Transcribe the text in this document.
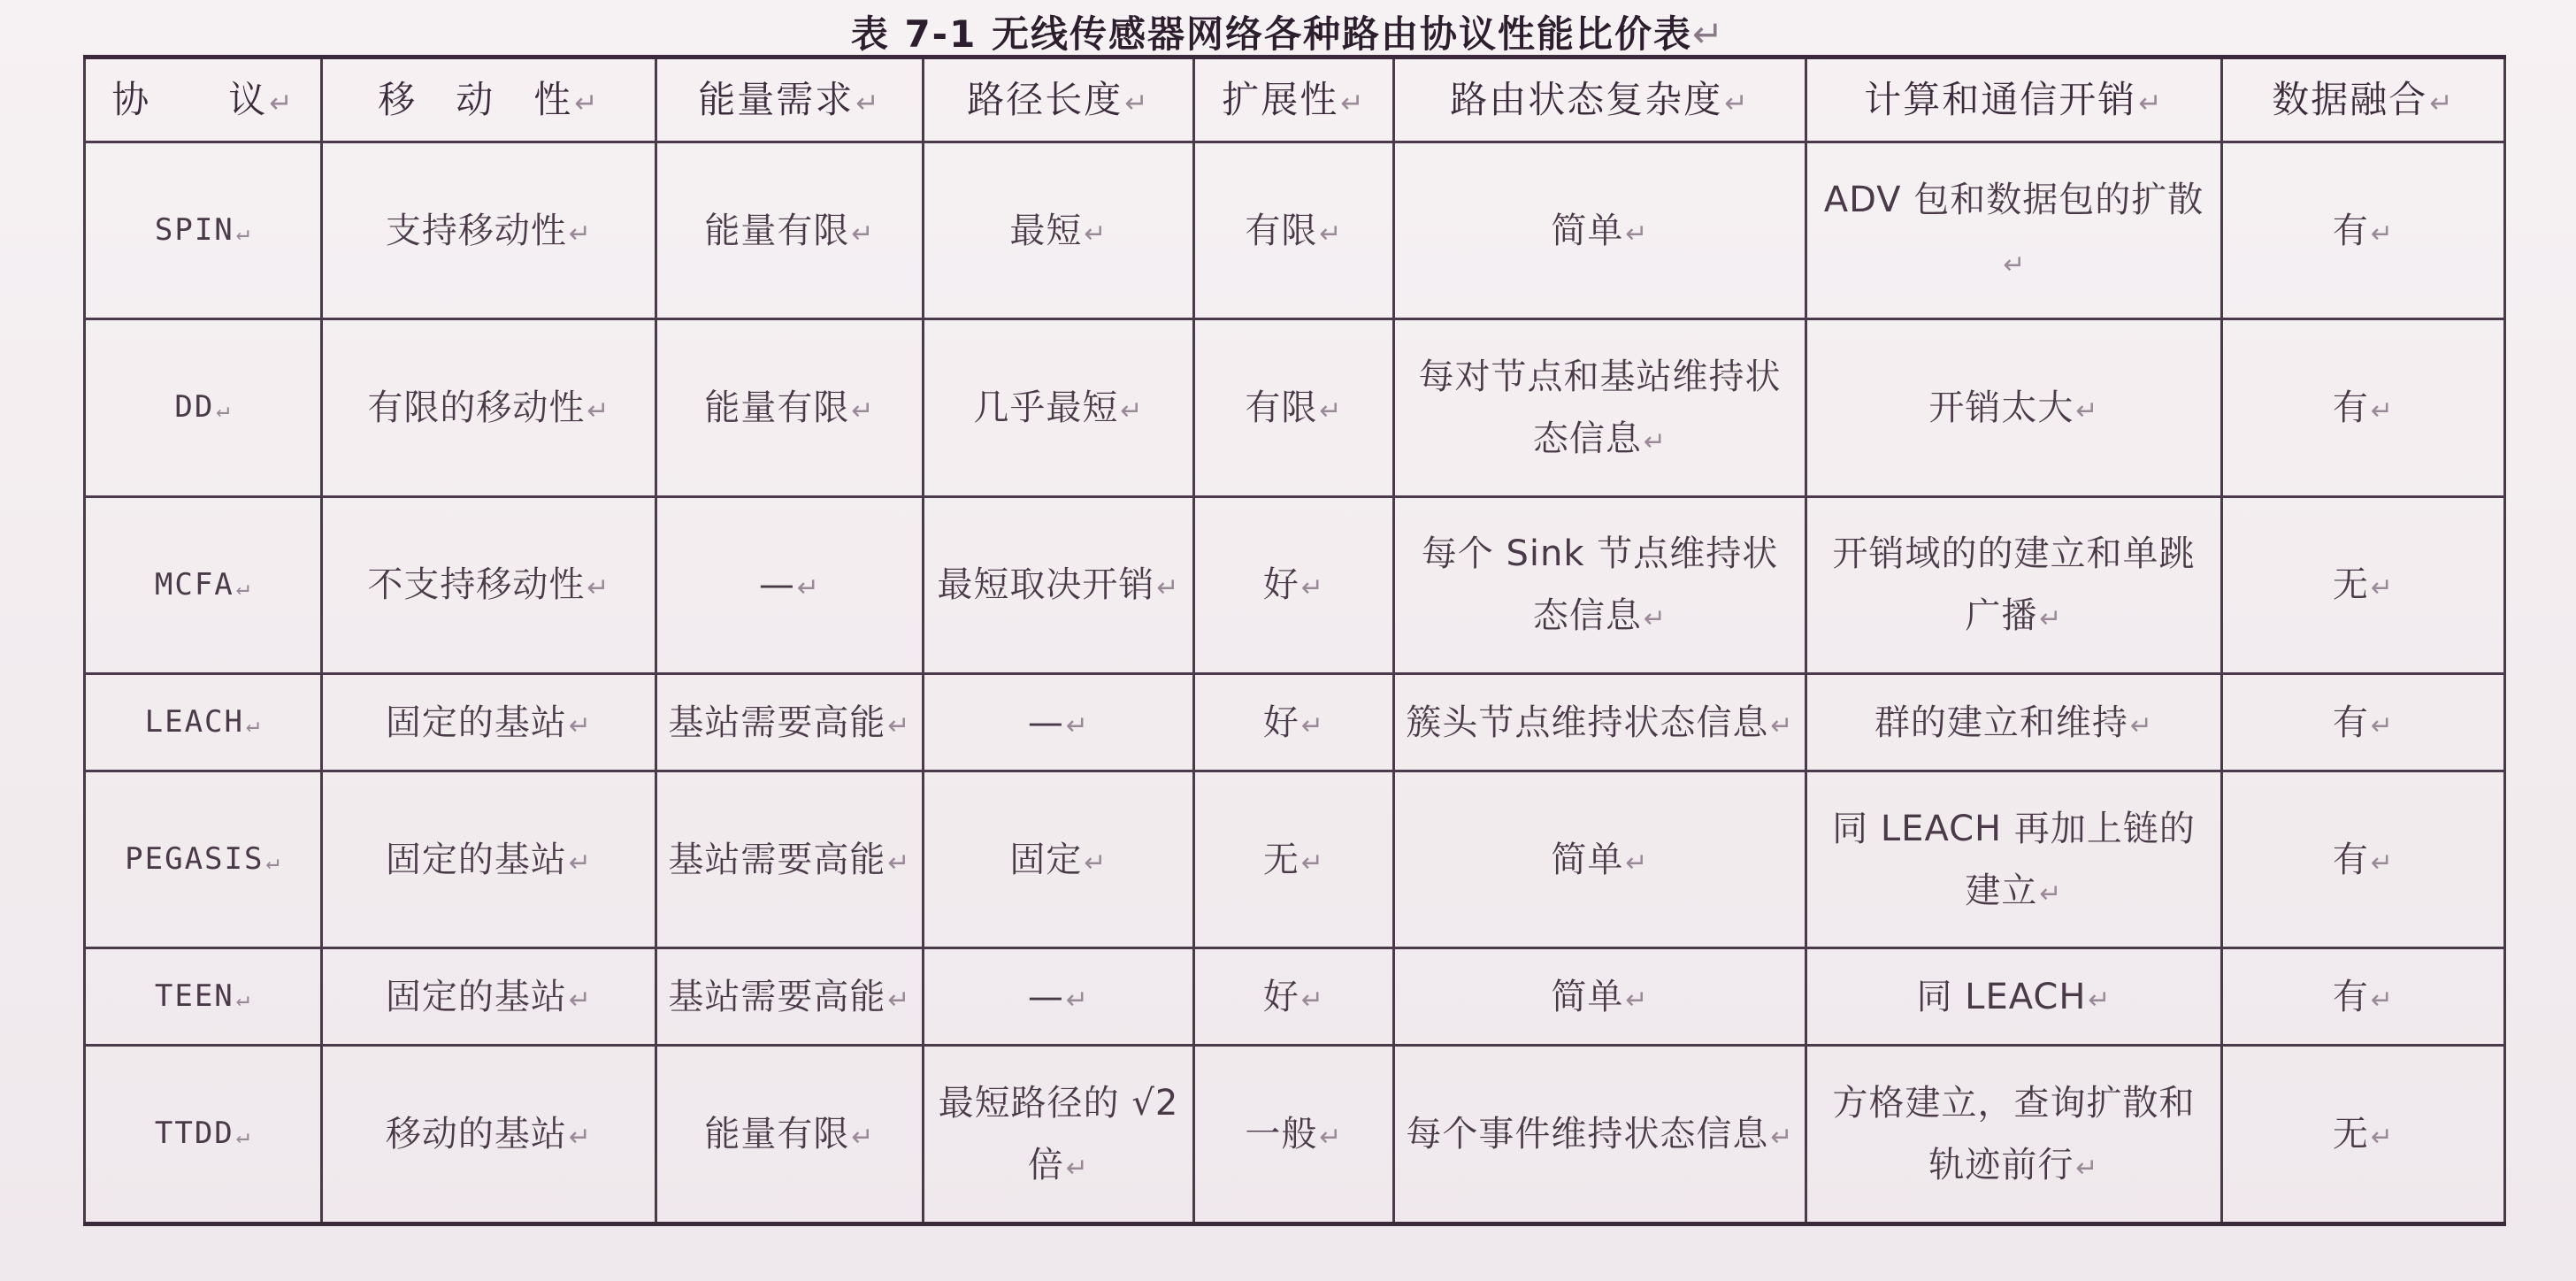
表 7-1 无线传感器网络各种路由协议性能比价表↵
协　　议↵	移　动　性↵	能量需求↵	路径长度↵	扩展性↵	路由状态复杂度↵	计算和通信开销↵	数据融合↵
SPIN↵	支持移动性↵	能量有限↵	最短↵	有限↵	简单↵	ADV 包和数据包的扩散↵	有↵
DD↵	有限的移动性↵	能量有限↵	几乎最短↵	有限↵	每对节点和基站维持状态信息↵	开销太大↵	有↵
MCFA↵	不支持移动性↵	—↵	最短取决开销↵	好↵	每个 Sink 节点维持状态信息↵	开销域的的建立和单跳广播↵	无↵
LEACH↵	固定的基站↵	基站需要高能↵	—↵	好↵	簇头节点维持状态信息↵	群的建立和维持↵	有↵
PEGASIS↵	固定的基站↵	基站需要高能↵	固定↵	无↵	简单↵	同 LEACH 再加上链的建立↵	有↵
TEEN↵	固定的基站↵	基站需要高能↵	—↵	好↵	简单↵	同 LEACH↵	有↵
TTDD↵	移动的基站↵	能量有限↵	最短路径的 √2 倍↵	一般↵	每个事件维持状态信息↵	方格建立，查询扩散和轨迹前行↵	无↵
